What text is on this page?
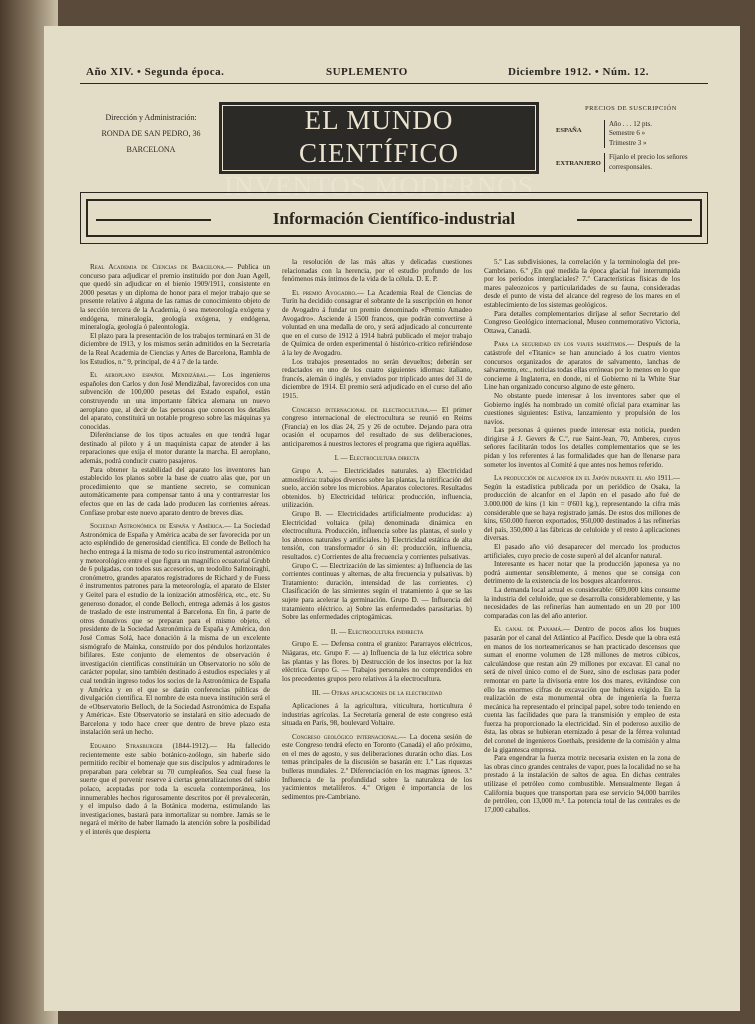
Año XIV. • Segunda época.	SUPLEMENTO	Diciembre 1912. • Núm. 12.
Dirección y Administración:
RONDA DE SAN PEDRO, 36
BARCELONA
EL MUNDO CIENTÍFICO
INVENTOS MODERNOS
PRECIOS DE SUSCRIPCIÓN
ESPAÑA
Año . . . 12 pts.
Semestre 6 »
Trimestre 3 »
EXTRANJERO
Fíjanlo el precio los señores corresponsales.
Información Científico-industrial

Real Academia de Ciencias de Barcelona.— Publica un concurso para adjudicar el premio instituído por don Juan Agell, que quedó sin adjudicar en el bienio 1909/1911, consistente en 2000 pesetas y un diploma de honor para el mejor trabajo que se presente relativo á alguna de las ramas de conocimiento objeto de la sección tercera de la Academia, ó sea meteorología exógena y endógena, mineralogía, geología exógena, y endógena, mineralogía, geología ó paleontología.

El plazo para la presentación de los trabajos terminará en 31 de diciembre de 1913, y los mismos serán admitidos en la Secretaría de la Real Academia de Ciencias y Artes de Barcelona, Rambla de los Estudios, n.º 9, principal, de 4 á 7 de la tarde.

El aeroplano español Mendizábal.— Los ingenieros españoles don Carlos y don José Mendizábal, favorecidos con una subvención de 100,000 pesetas del Estado español, están construyendo un una importante fábrica alemana un nuevo aeroplano que, al decir de las personas que conocen los detalles del aparato, constituirá un notable progreso sobre las máquinas ya conocidas.

Diferéncianse de los tipos actuales en que tendrá lugar destinado al piloto y á un maquinista capaz de atender á las reparaciones que exija el motor durante la marcha. El aeroplano, además, podrá conducir cuatro pasajeros.

Para obtener la estabilidad del aparato los inventores han establecido los planos sobre la base de cuatro alas que, por un procedimiento que se mantiene secreto, se comunican automáticamente para compensar tanto á una y contrarrestar los efectos que en las de cada lado producen las corrientes aéreas. Confíase probar este nuevo aparato dentro de breves días.

Sociedad Astronómica de España y América.— La Sociedad Astronómica de España y América acaba de ser favorecida por un acto espléndido de generosidad científica. El conde de Belloch ha hecho entrega á la misma de todo su rico instrumental astronómico y meteorológico entre el que figura un magnífico ecuatorial Grubb de 6 pulgadas, con todos sus accesorios, un teodolito Salmoiraghi, cronómetro, grandes aparatos registradores de Richard y de Fuess é instrumentos patrones para la meteorología, el aparato de Elster y Geitel para el estudio de la ionización atmosférica, etc., etc. Su generoso donador, el conde Belloch, entrega además á los gastos de traslado de este instrumental á Barcelona. En fin, á parte de otros donativos que se preparan para el mismo objeto, el presidente de la Sociedad Astronómica de España y América, don José Comas Solá, hace donación á la misma de un excelente sismógrafo de Mainka, construído por dos péndulos horizontales bifilares. Este conjunto de elementos de observación é investigación científicas constituirán un Observatorio no sólo de carácter popular, sino también destinado á estudios especiales y al cual tendrán ingreso todos los socios de la Astronómica de España y América y en el que se darán conferencias públicas de divulgación científica. El nombre de esta nueva institución será el de «Observatorio Belloch, de la Sociedad Astronómica de España y América». Este Observatorio se instalará en sitio adecuado de Barcelona y todo hace creer que dentro de breve plazo esta instalación será un hecho.

Eduardo Strasburger (1844-1912).— Ha fallecido recientemente este sabio botánico-zoólogo, sin haberle sido permitido recibir el homenaje que sus discípulos y admiradores le preparaban para celebrar su 70 cumpleaños. Sea cual fuese la suerte que el porvenir reserve á ciertas generalizaciones del sabio polaco, aceptadas por toda la escuela contemporánea, los innumerables hechos rigurosamente descritos por él prevalecerán, y el impulso dado á la Botánica moderna, estimulando las investigaciones, bastará para inmortalizar su nombre. Jamás se le negará el mérito de haber llamado la atención sobre la posibilidad y el interés que despierta

la resolución de las más altas y delicadas cuestiones relacionadas con la herencia, por el estudio profundo de los fenómenos más íntimos de la vida de la célula. D. E. P.

El premio Avogadro.— La Academia Real de Ciencias de Turín ha decidido consagrar el sobrante de la suscripción en honor de Avogadro á fundar un premio denominado «Premio Amadeo Avogadro». Asciende á 1500 francos, que podrán convertirse á voluntad en una medalla de oro, y será adjudicado al concurrente que en el curso de 1912 á 1914 habrá publicado el mejor trabajo de Química de orden experimental ó histórico-crítico refiriéndose á la ley de Avogadro.

Los trabajos presentados no serán devueltos; deberán ser redactados en uno de los cuatro siguientes idiomas: italiano, francés, alemán ó inglés, y enviados por triplicado antes del 31 de diciembre de 1914. El premio será adjudicado en el curso del año 1915.

Congreso internacional de electrocultura.— El primer congreso internacional de electrocultura se reunió en Reims (Francia) en los días 24, 25 y 26 de octubre. Dejando para otra ocasión el ocuparnos del resultado de sus deliberaciones, anticiparemos á nuestros lectores el programa que rigiera aquéllas.

I. — Electrocultura directa

Grupo A. — Electricidades naturales. a) Electricidad atmosférica: trabajos diversos sobre las plantas, la nitrificación del suelo, acción sobre los microbios. Aparatos colectores. Resultados obtenidos. b) Electricidad telúrica: producción, influencia, utilización.

Grupo B. — Electricidades artificialmente producidas: a) Electricidad voltaica (pila) denominada dinámica en electrocultura. Producción, influencia sobre las plantas, el suelo y los abonos naturales y artificiales. b) Electricidad estática de alta tensión, con transformador ó sin él: producción, influencia, resultados. c) Corrientes de alta frecuencia y corrientes pulsativas.

Grupo C. — Electrización de las simientes: a) Influencia de las corrientes continuas y alternas, de alta frecuencia y pulsativas. b) Tratamiento: duración, intensidad de las corrientes. c) Clasificación de las simientes según el tratamiento á que se las sujete para acelerar la germinación. Grupo D. — Influencia del tratamiento eléctrico. a) Sobre las enfermedades parasitarias. b) Sobre las enfermedades criptogámicas.

II. — Electrocultura indirecta

Grupo E. — Defensa contra el granizo: Pararrayos eléctricos, Niágaras, etc. Grupo F. — a) Influencia de la luz eléctrica sobre las plantas y las flores. b) Destrucción de los insectos por la luz eléctrica. Grupo G. — Trabajos personales no comprendidos en los precedentes grupos pero relativos á la electrocultura.

III. — Otras aplicaciones de la electricidad

Aplicaciones á la agricultura, viticultura, horticultura é industrias agrícolas. La Secretaría general de este congreso está situada en París, 98, boulevard Voltaire.

Congreso geológico internacional.— La docena sesión de este Congreso tendrá efecto en Toronto (Canadá) el año próximo, en el mes de agosto, y sus deliberaciones durarán ocho días. Los temas principales de la discusión se basarán en: 1.º Las riquezas bulleras mundiales. 2.º Diferenciación en los magmas ígneos. 3.º Influencia de la profundidad sobre la naturaleza de los yacimientos metalíferos. 4.º Origen é importancia de los sedimentos pre-Cambriano.

5.º Las subdivisiones, la correlación y la terminología del pre-Cambriano. 6.º ¿En qué medida la época glacial fué interrumpida por los períodos interglaciales? 7.º Características físicas de los mares paleozoicos y particularidades de su fauna, consideradas desde el punto de vista del alcance del regreso de los mares en el establecimiento de los sistemas geológicos.

Para detalles complementarios diríjase al señor Secretario del Congreso Geológico internacional, Museo conmemorativo Victoria, Ottawa, Canadá.

Para la seguridad en los viajes marítimos.— Después de la catástrofe del «Titanic» se han anunciado á los cuatro vientos concursos organizados de aparatos de salvamento, lanchas de salvamento, etc., noticias todas ellas erróneas por lo menos en lo que concierne á Inglaterra, en donde, ni el Gobierno ni la White Star Line han organizado concurso alguno de este género.

No obstante puede interesar á los inventores saber que el Gobierno inglés ha nombrado un comité oficial para examinar las cuestiones siguientes: Estiva, lanzamiento y propulsión de los navíos.

Las personas á quienes puede interesar esta noticia, pueden dirigirse á J. Gevers & C.º, rue Saint-Jean, 70, Amberes, cuyos señores facilitarán todos los detalles complementarios que se les pidan y los referentes á las formalidades que han de llenarse para someter los inventos al Comité á que antes nos hemos referido.

La producción de alcanfor en el Japón durante el año 1911.— Según la estadística publicada por un periódico de Osaka, la producción de alcanfor en el Japón en el pasado año fué de 3.000.000 de kins (1 kin = 0'601 kg.), representando la cifra más considerable que se haya registrado jamás. De estos dos millones de kins, 650.000 fueron exportados, 950,000 destinados á las refinerías del país, 350,000 á las fábricas de celuloide y el resto á aplicaciones diversas.

El pasado año vió desaparecer del mercado los productos artificiales, cuyo precio de coste superó al del alcanfor natural.

Interesante es hacer notar que la producción japonesa ya no podrá aumentar sensiblemente, á menos que se consiga con detrimento de la existencia de los bosques alcanforeros.

La demanda local actual es considerable: 609,000 kins consume la industria del celuloide, que se desarrolla considerablemente, y las necesidades de las refinerías han aumentado en un 20 por 100 comparadas con las del año anterior.

El canal de Panamá.— Dentro de pocos años los buques pasarán por el canal del Atlántico al Pacífico. Desde que la obra está en manos de los norteamericanos se han practicado descensos que suman el enorme volumen de 128 millones de metros cúbicos, calculándose que restan aún 29 millones por excavar. El canal no será de nivel único como el de Suez, sino de esclusas para poder remontar en parte la divisoria entre los dos mares, evitándose con ello las enormes cifras de excavación que hubiera exigido. En la realización de esta monumental obra de ingeniería la fuerza mecánica ha representado el principal papel, sobre todo teniendo en cuenta las facilidades que para la transmisión y empleo de esta fuerza ha proporcionado la electricidad. Sin el poderoso auxilio de ésta, las obras se hubieran eternizado á pesar de la férrea voluntad del coronel de ingenieros Goethals, presidente de la comisión y alma de la gigantesca empresa.

Para engendrar la fuerza motriz necesaria existen en la zona de las obras cinco grandes centrales de vapor, pues la localidad no se ha prestado á la instalación de saltos de agua. En dichas centrales utilízase el petróleo como combustible. Mensualmente llegan á California buques que transportan para ese servicio 94,000 barriles de petróleo, con 13,000 m.³. La potencia total de las centrales es de 17,000 caballos.
